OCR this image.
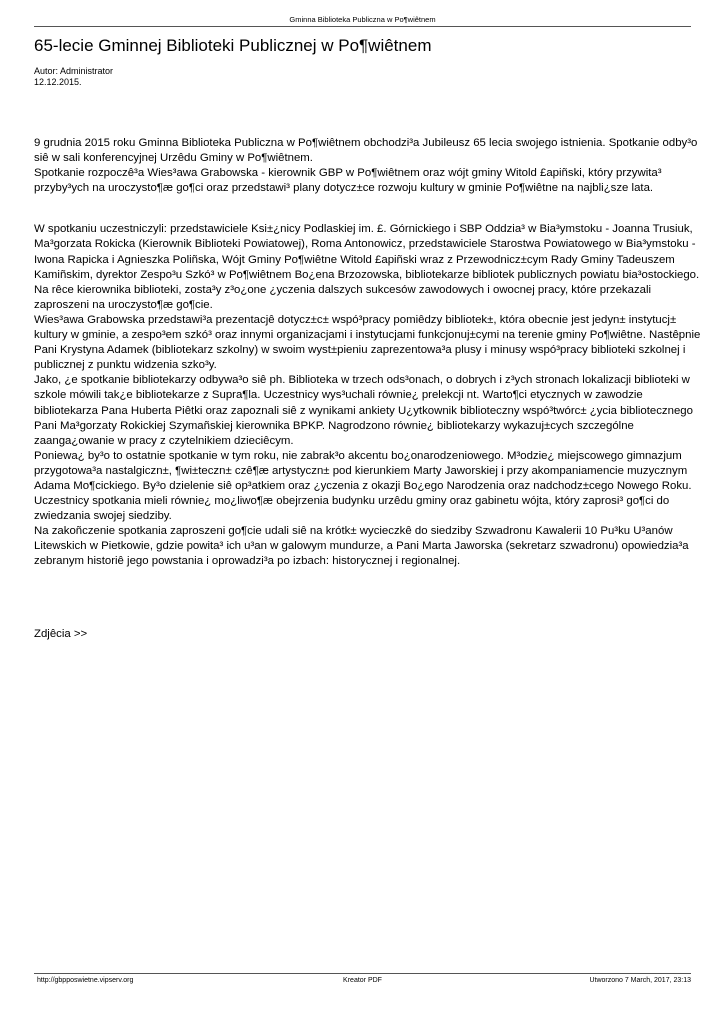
Gminna Biblioteka Publiczna w Po¶wiêtnem
65-lecie Gminnej Biblioteki Publicznej w Po¶wiêtnem
Autor: Administrator
12.12.2015.

9 grudnia 2015 roku Gminna Biblioteka Publiczna w Po¶wiêtnem obchodzi³a Jubileusz 65 lecia swojego istnienia. Spotkanie odby³o siê w sali konferencyjnej Urzêdu Gminy w Po¶wiêtnem.

Spotkanie rozpoczê³a Wies³awa Grabowska - kierownik GBP w Po¶wiêtnem oraz wójt gminy Witold £apiñski, który przywita³ przyby³ych na uroczysto¶æ go¶ci oraz przedstawi³ plany dotycz±ce rozwoju kultury w gminie Po¶wiêtne na najbli¿sze lata.

W spotkaniu uczestniczyli: przedstawiciele Ksi±¿nicy Podlaskiej im. £. Górnickiego i SBP Oddzia³ w Bia³ymstoku - Joanna Trusiuk, Ma³gorzata Rokicka (Kierownik Biblioteki Powiatowej), Roma Antonowicz, przedstawiciele Starostwa Powiatowego w Bia³ymstoku - Iwona Rapicka i Agnieszka Poliñska, Wójt Gminy Po¶wiêtne Witold £apiñski wraz z Przewodnicz±cym Rady Gminy Tadeuszem Kamiñskim, dyrektor Zespo³u Szkó³ w Po¶wiêtnem Bo¿ena Brzozowska, bibliotekarze bibliotek publicznych powiatu bia³ostockiego.

Na rêce kierownika biblioteki, zosta³y z³o¿one ¿yczenia dalszych sukcesów zawodowych i owocnej pracy, które przekazali zaproszeni na uroczysto¶æ go¶cie.

Wies³awa Grabowska przedstawi³a prezentacjê dotycz±c± wspó³pracy pomiêdzy bibliotek±, która obecnie jest jedyn± instytucj± kultury w gminie, a zespo³em szkó³ oraz innymi organizacjami i instytucjami funkcjonuj±cymi na terenie gminy Po¶wiêtne. Nastêpnie Pani Krystyna Adamek (bibliotekarz szkolny) w swoim wyst±pieniu zaprezentowa³a plusy i minusy wspó³pracy biblioteki szkolnej i publicznej z punktu widzenia szko³y.

Jako, ¿e spotkanie bibliotekarzy odbywa³o siê ph. Biblioteka w trzech ods³onach, o dobrych i z³ych stronach lokalizacji biblioteki w szkole mówili tak¿e bibliotekarze z Supra¶la. Uczestnicy wys³uchali równie¿ prelekcji nt. Warto¶ci etycznych w zawodzie bibliotekarza Pana Huberta Piêtki oraz zapoznali siê z wynikami ankiety U¿ytkownik biblioteczny wspó³twórc± ¿ycia bibliotecznego Pani Ma³gorzaty Rokickiej Szymañskiej kierownika BPKP. Nagrodzono równie¿ bibliotekarzy wykazuj±cych szczególne zaanga¿owanie w pracy z czytelnikiem dzieciêcym.

Poniewa¿ by³o to ostatnie spotkanie w tym roku, nie zabrak³o akcentu bo¿onarodzeniowego. M³odzie¿ miejscowego gimnazjum przygotowa³a nastalgiczn±, ¶wi±teczn± czê¶æ artystyczn± pod kierunkiem Marty Jaworskiej i przy akompaniamencie muzycznym Adama Mo¶cickiego. By³o dzielenie siê op³atkiem oraz ¿yczenia z okazji Bo¿ego Narodzenia oraz nadchodz±cego Nowego Roku.

Uczestnicy spotkania mieli równie¿ mo¿liwo¶æ obejrzenia budynku urzêdu gminy oraz gabinetu wójta, który zaprosi³ go¶ci do zwiedzania swojej siedziby.

Na zakoñczenie spotkania zaproszeni go¶cie udali siê na krótk± wycieczkê do siedziby Szwadronu Kawalerii 10 Pu³ku U³anów Litewskich w Pietkowie, gdzie powita³ ich u³an w galowym mundurze, a Pani Marta Jaworska (sekretarz szwadronu) opowiedzia³a zebranym historiê jego powstania i oprowadzi³a po izbach: historycznej i regionalnej.

Zdjêcia >>
http://gbpposwietne.vipserv.org	Kreator PDF	Utworzono 7 March, 2017, 23:13
